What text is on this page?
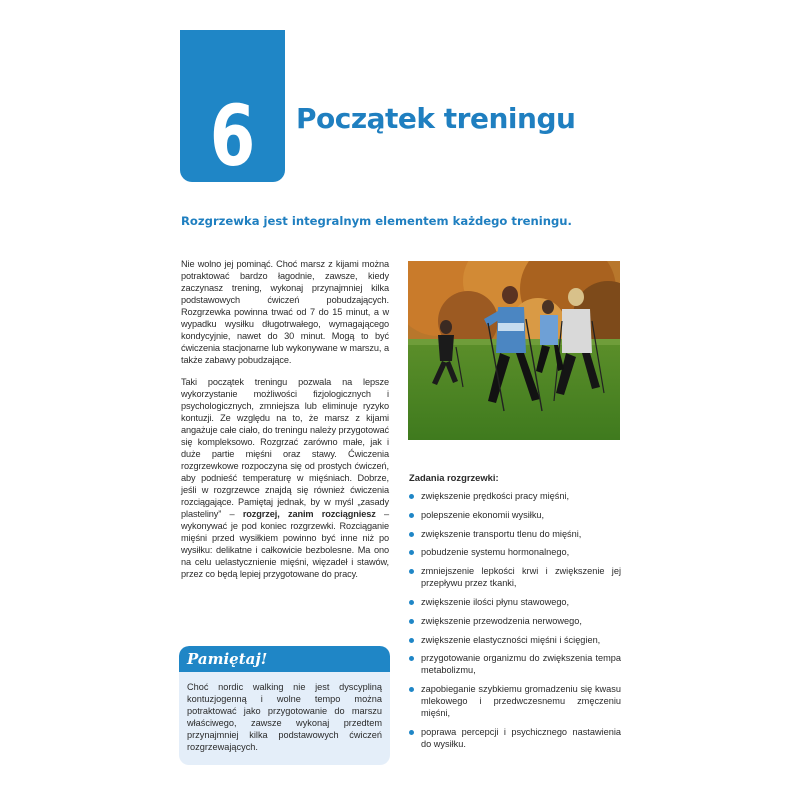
6	Początek treningu
Rozgrzewka jest integralnym elementem każdego treningu.

Nie wolno jej pominąć. Choć marsz z kijami można potraktować bardzo łagodnie, zawsze, kiedy zaczynasz trening, wykonaj przynajmniej kilka podstawowych ćwiczeń pobudzających. Rozgrzewka powinna trwać od 7 do 15 minut, a w wypadku wysiłku długotrwałego, wymagającego kondycyjnie, nawet do 30 minut. Mogą to być ćwiczenia stacjonarne lub wykonywane w marszu, a także zabawy pobudzające.

Taki początek treningu pozwala na lepsze wykorzystanie możliwości fizjologicznych i psychologicznych, zmniejsza lub eliminuje ryzyko kontuzji. Ze względu na to, że marsz z kijami angażuje całe ciało, do treningu należy przygotować się kompleksowo. Rozgrzać zarówno małe, jak i duże partie mięśni oraz stawy. Ćwiczenia rozgrzewkowe rozpoczyna się od prostych ćwiczeń, aby podnieść temperaturę w mięśniach. Dobrze, jeśli w rozgrzewce znajdą się również ćwiczenia rozciągające. Pamiętaj jednak, by w myśl „zasady plasteliny” – rozgrzej, zanim rozciągniesz – wykonywać je pod koniec rozgrzewki. Rozciąganie mięśni przed wysiłkiem powinno być inne niż po wysiłku: delikatne i całkowicie bezbolesne. Ma ono na celu uelastycznienie mięśni, więzadeł i stawów, przez co będą lepiej przygotowane do pracy.

Zadania rozgrzewki:
zwiększenie prędkości pracy mięśni,
polepszenie ekonomii wysiłku,
zwiększenie transportu tlenu do mięśni,
pobudzenie systemu hormonalnego,
zmniejszenie lepkości krwi i zwiększenie jej przepływu przez tkanki,
zwiększenie ilości płynu stawowego,
zwiększenie przewodzenia nerwowego,
zwiększenie elastyczności mięśni i ścięgien,
przygotowanie organizmu do zwiększenia tempa metabolizmu,
zapobieganie szybkiemu gromadzeniu się kwasu mlekowego i przedwczesnemu zmęczeniu mięśni,
poprawa percepcji i psychicznego nastawienia do wysiłku.
Pamiętaj!
Choć nordic walking nie jest dyscypliną kontuzjogenną i wolne tempo można potraktować jako przygotowanie do marszu właściwego, zawsze wykonaj przedtem przynajmniej kilka podstawowych ćwiczeń rozgrzewających.
